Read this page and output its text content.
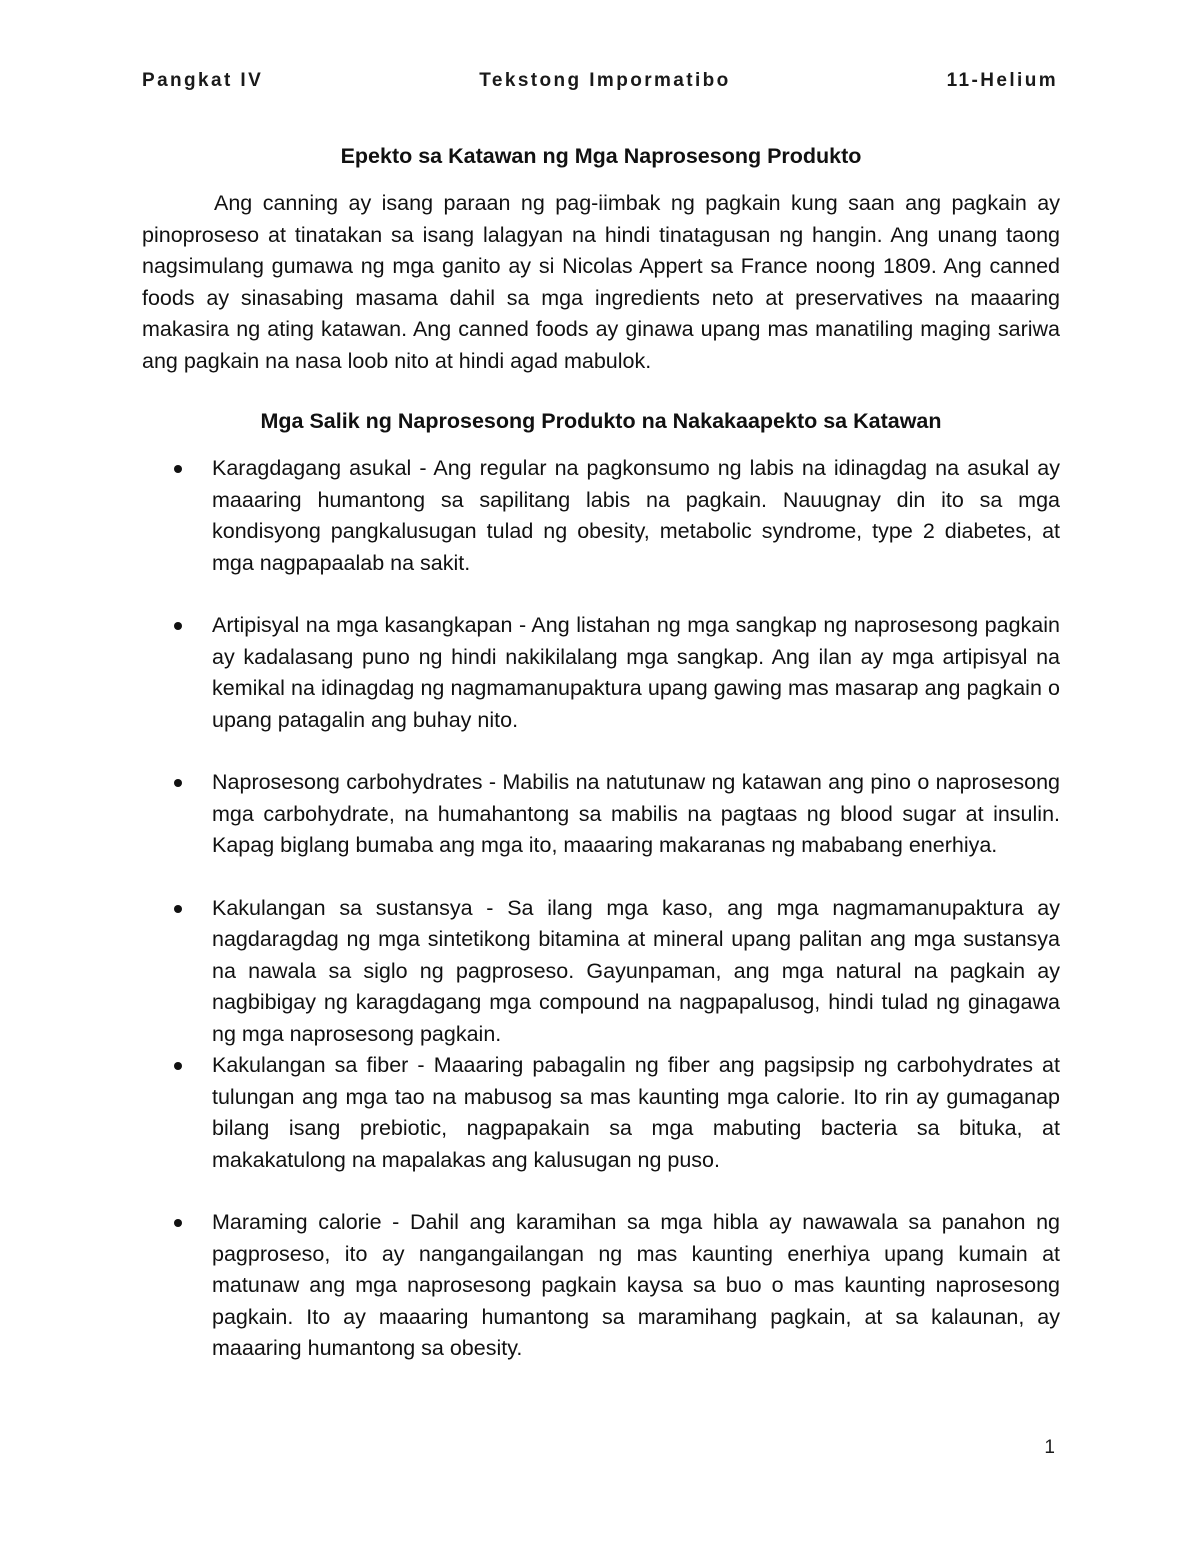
Tekstong Impormatibo
Pangkat IV	11-Helium
Epekto sa Katawan ng Mga Naprosesong Produkto

Ang canning ay isang paraan ng pag-iimbak ng pagkain kung saan ang pagkain ay pinoproseso at tinatakan sa isang lalagyan na hindi tinatagusan ng hangin. Ang unang taong nagsimulang gumawa ng mga ganito ay si Nicolas Appert sa France noong 1809. Ang canned foods ay sinasabing masama dahil sa mga ingredients neto at preservatives na maaaring makasira ng ating katawan. Ang canned foods ay ginawa upang mas manatiling maging sariwa ang pagkain na nasa loob nito at hindi agad mabulok.

Mga Salik ng Naprosesong Produkto na Nakakaapekto sa Katawan
Karagdagang asukal - Ang regular na pagkonsumo ng labis na idinagdag na asukal ay maaaring humantong sa sapilitang labis na pagkain. Nauugnay din ito sa mga kondisyong pangkalusugan tulad ng obesity, metabolic syndrome, type 2 diabetes, at mga nagpapaalab na sakit.
Artipisyal na mga kasangkapan - Ang listahan ng mga sangkap ng naprosesong pagkain ay kadalasang puno ng hindi nakikilalang mga sangkap. Ang ilan ay mga artipisyal na kemikal na idinagdag ng nagmamanupaktura upang gawing mas masarap ang pagkain o upang patagalin ang buhay nito.
Naprosesong carbohydrates - Mabilis na natutunaw ng katawan ang pino o naprosesong mga carbohydrate, na humahantong sa mabilis na pagtaas ng blood sugar at insulin. Kapag biglang bumaba ang mga ito, maaaring makaranas ng mababang enerhiya.
Kakulangan sa sustansya - Sa ilang mga kaso, ang mga nagmamanupaktura ay nagdaragdag ng mga sintetikong bitamina at mineral upang palitan ang mga sustansya na nawala sa siglo ng pagproseso. Gayunpaman, ang mga natural na pagkain ay nagbibigay ng karagdagang mga compound na nagpapalusog, hindi tulad ng ginagawa ng mga naprosesong pagkain.
Kakulangan sa fiber - Maaaring pabagalin ng fiber ang pagsipsip ng carbohydrates at tulungan ang mga tao na mabusog sa mas kaunting mga calorie. Ito rin ay gumaganap bilang isang prebiotic, nagpapakain sa mga mabuting bacteria sa bituka, at makakatulong na mapalakas ang kalusugan ng puso.
Maraming calorie - Dahil ang karamihan sa mga hibla ay nawawala sa panahon ng pagproseso, ito ay nangangailangan ng mas kaunting enerhiya upang kumain at matunaw ang mga naprosesong pagkain kaysa sa buo o mas kaunting naprosesong pagkain. Ito ay maaaring humantong sa maramihang pagkain, at sa kalaunan, ay maaaring humantong sa obesity.
1
